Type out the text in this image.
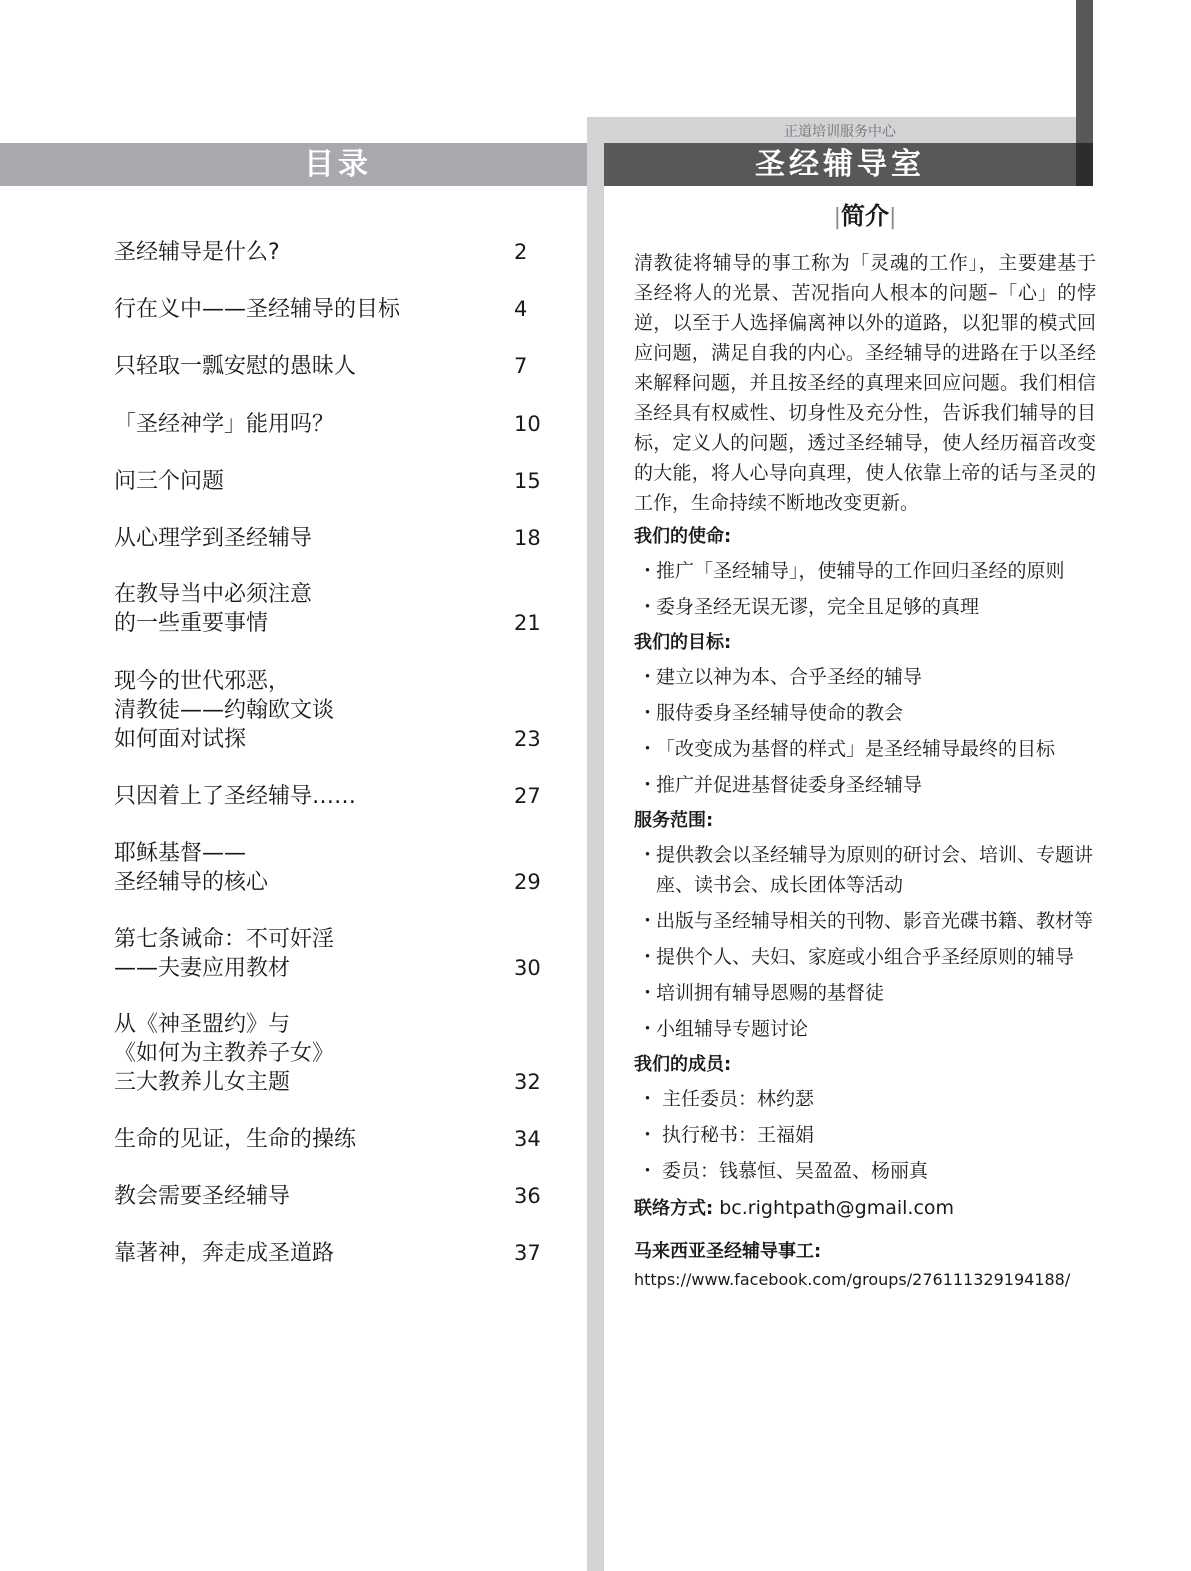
正道培训服务中心
目录	圣经辅导室
圣经辅导是什么?	2
行在义中——圣经辅导的目标	4
只轻取一瓢安慰的愚昧人	7
「圣经神学」能用吗？	10
问三个问题	15
从心理学到圣经辅导	18
在教导当中必须注意
的一些重要事情	21
现今的世代邪恶，
清教徒——约翰欧文谈
如何面对试探	23
只因着上了圣经辅导……	27
耶稣基督——
圣经辅导的核心	29
第七条诫命：不可奸淫
——夫妻应用教材	30
从《神圣盟约》与
《如何为主教养子女》
三大教养儿女主题	32
生命的见证，生命的操练	34
教会需要圣经辅导	36
靠著神，奔走成圣道路	37
|简介|

清教徒将辅导的事工称为「灵魂的工作」，主要建基于圣经将人的光景、苦况指向人根本的问题–「心」的悖逆，以至于人选择偏离神以外的道路，以犯罪的模式回应问题，满足自我的内心。圣经辅导的进路在于以圣经来解释问题，并且按圣经的真理来回应问题。我们相信圣经具有权威性、切身性及充分性，告诉我们辅导的目标，定义人的问题，透过圣经辅导，使人经历福音改变的大能，将人心导向真理，使人依靠上帝的话与圣灵的工作，生命持续不断地改变更新。

我们的使命:
・
推广「圣经辅导」，使辅导的工作回归圣经的原则
・
委身圣经无误无谬，完全且足够的真理
我们的目标:
・
建立以神为本、合乎圣经的辅导
・
服侍委身圣经辅导使命的教会
・
「改变成为基督的样式」是圣经辅导最终的目标
・
推广并促进基督徒委身圣经辅导
服务范围:
・
提供教会以圣经辅导为原则的研讨会、培训、专题讲座、读书会、成长团体等活动
・
出版与圣经辅导相关的刊物、影音光碟书籍、教材等
・
提供个人、夫妇、家庭或小组合乎圣经原则的辅导
・
培训拥有辅导恩赐的基督徒
・
小组辅导专题讨论
我们的成员:
・ 主任委员：林约瑟
・ 执行秘书：王福娟
・ 委员：钱慕恒、吴盈盈、杨丽真
联络方式: bc.rightpath@gmail.com
马来西亚圣经辅导事工:
https://www.facebook.com/groups/276111329194188/
